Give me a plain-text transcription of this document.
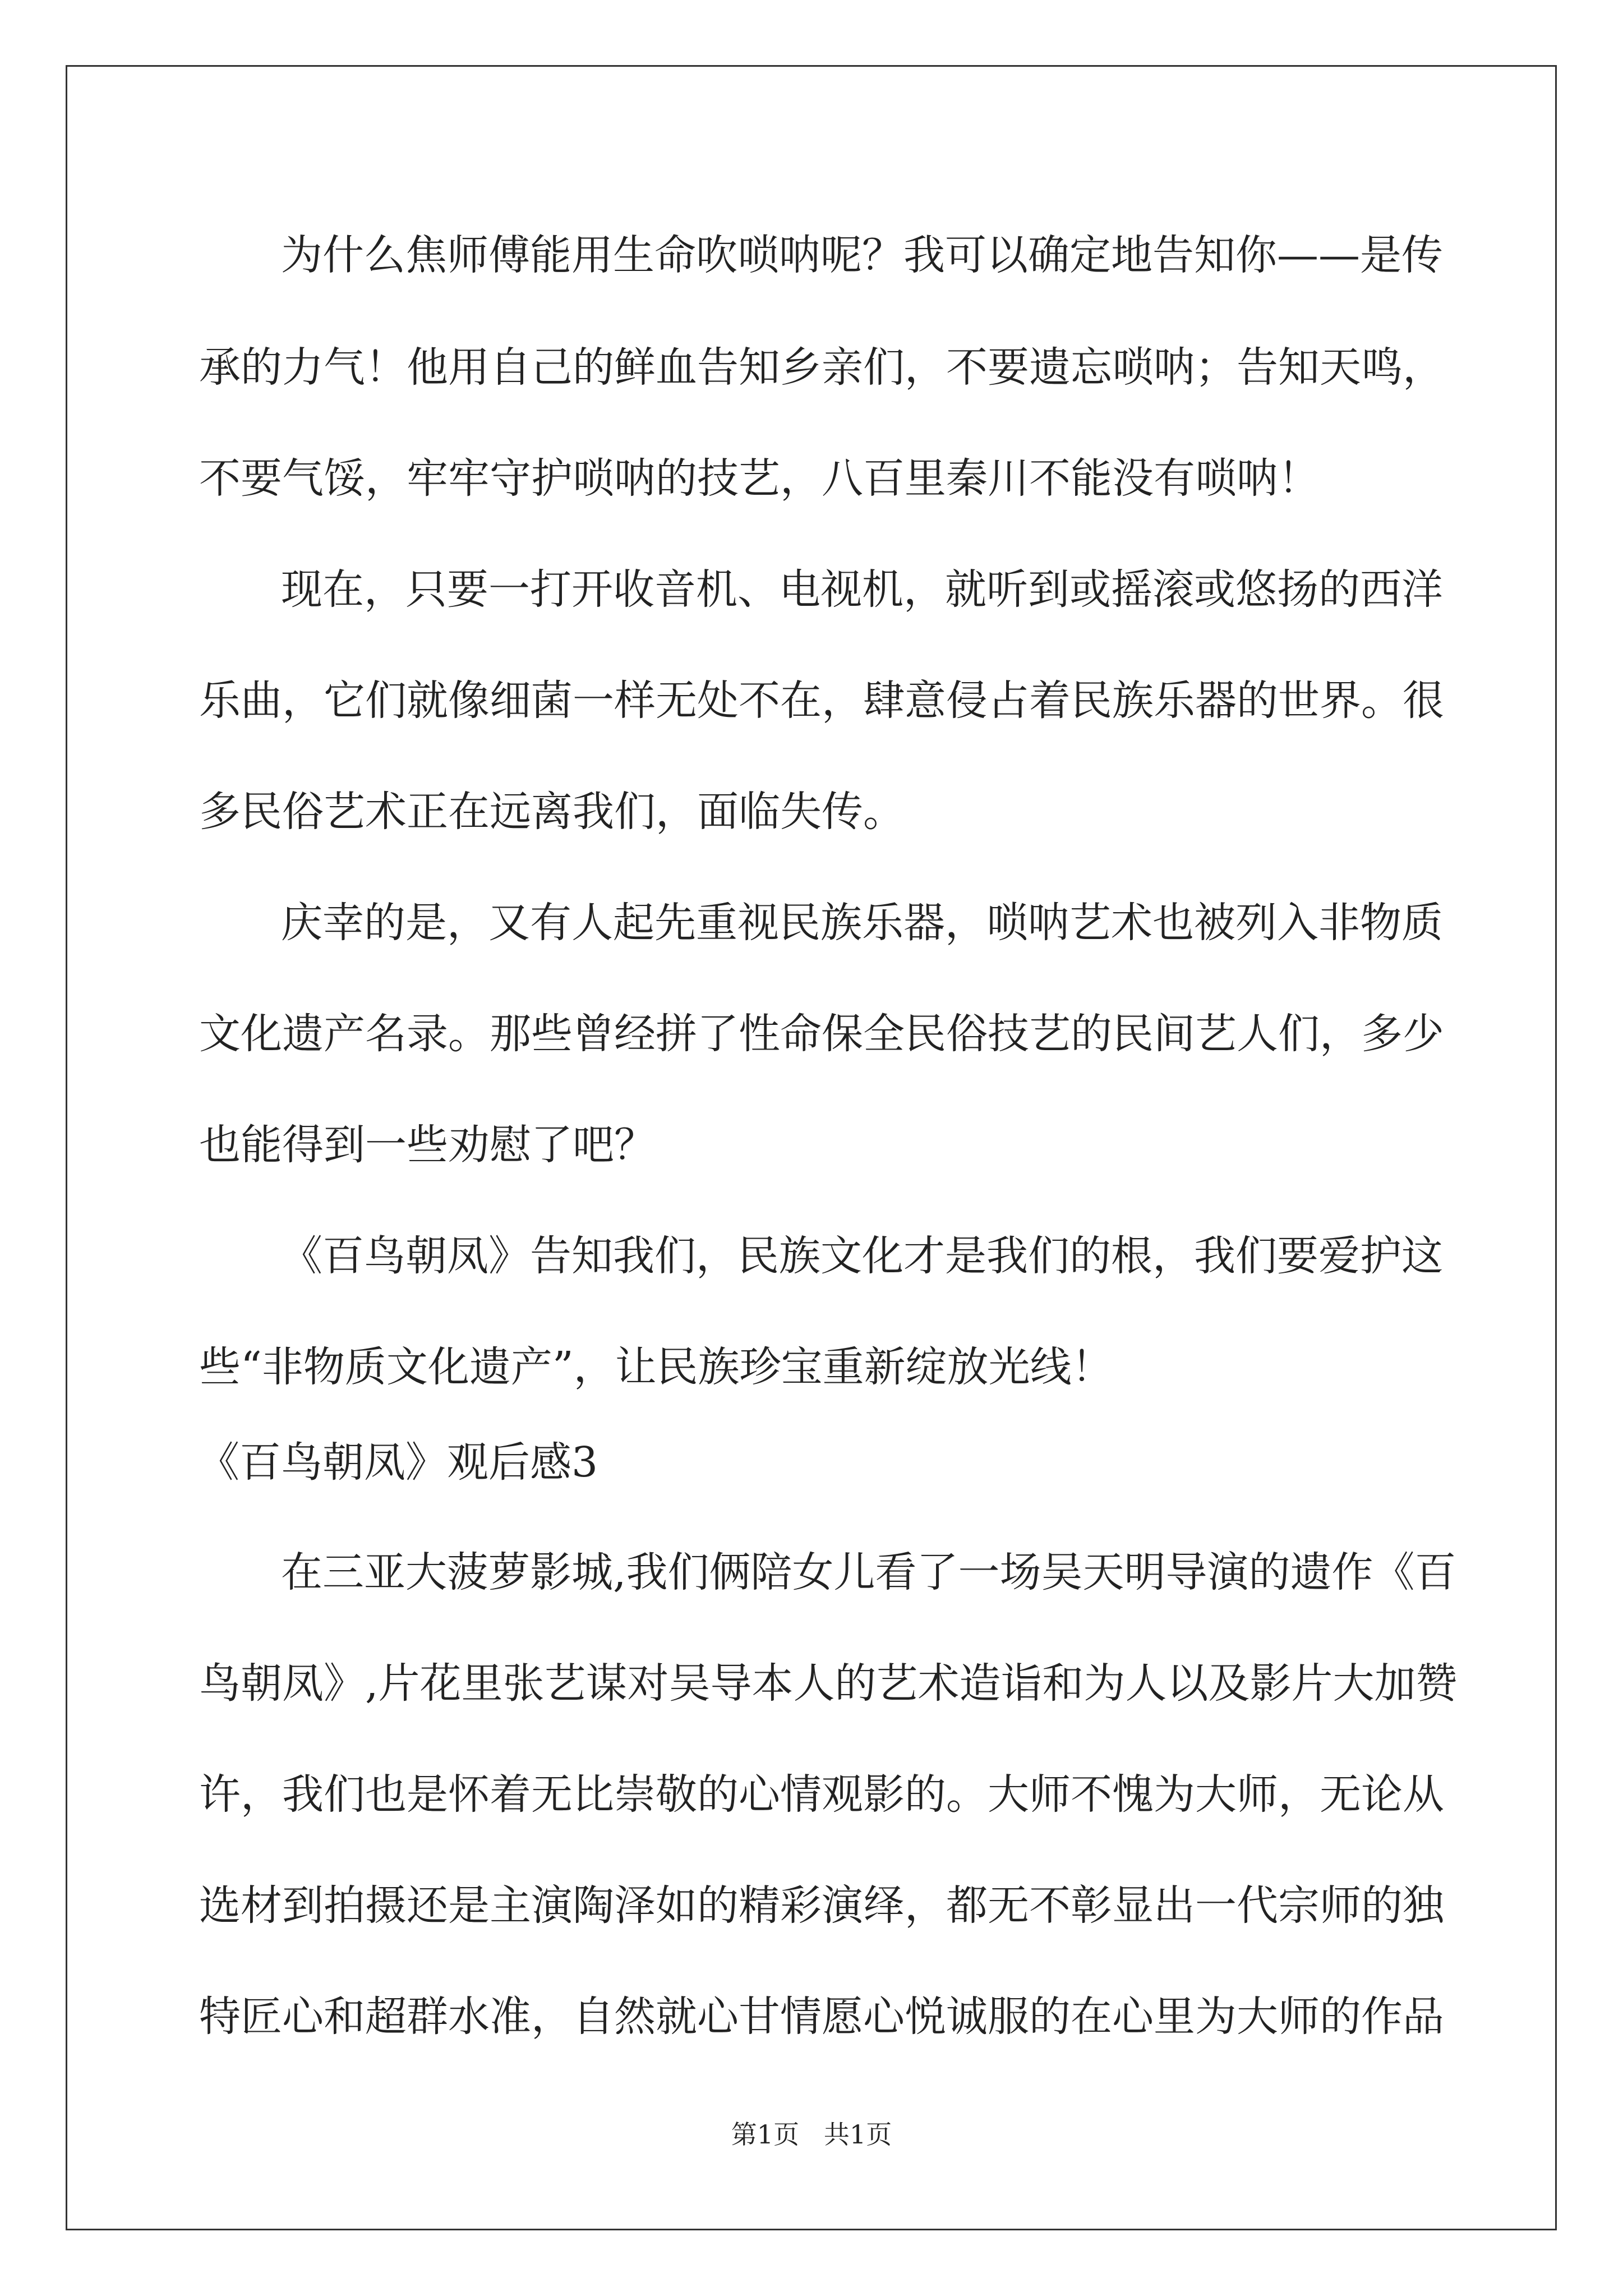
为什么焦师傅能用生命吹唢呐呢？我可以确定地告知你——是传
承的力气！他用自己的鲜血告知乡亲们，不要遗忘唢呐；告知天鸣，
不要气馁，牢牢守护唢呐的技艺，八百里秦川不能没有唢呐！
现在，只要一打开收音机、电视机，就听到或摇滚或悠扬的西洋
乐曲，它们就像细菌一样无处不在，肆意侵占着民族乐器的世界。很
多民俗艺术正在远离我们，面临失传。
庆幸的是，又有人起先重视民族乐器，唢呐艺术也被列入非物质
文化遗产名录。那些曾经拼了性命保全民俗技艺的民间艺人们，多少
也能得到一些劝慰了吧？
《百鸟朝凤》告知我们，民族文化才是我们的根，我们要爱护这
些“非物质文化遗产”，让民族珍宝重新绽放光线！
《百鸟朝凤》观后感3
在三亚大菠萝影城,我们俩陪女儿看了一场吴天明导演的遗作《百
鸟朝凤》,片花里张艺谋对吴导本人的艺术造诣和为人以及影片大加赞
许，我们也是怀着无比崇敬的心情观影的。大师不愧为大师，无论从
选材到拍摄还是主演陶泽如的精彩演绎，都无不彰显出一代宗师的独
特匠心和超群水准，自然就心甘情愿心悦诚服的在心里为大师的作品
第1页   共1页
